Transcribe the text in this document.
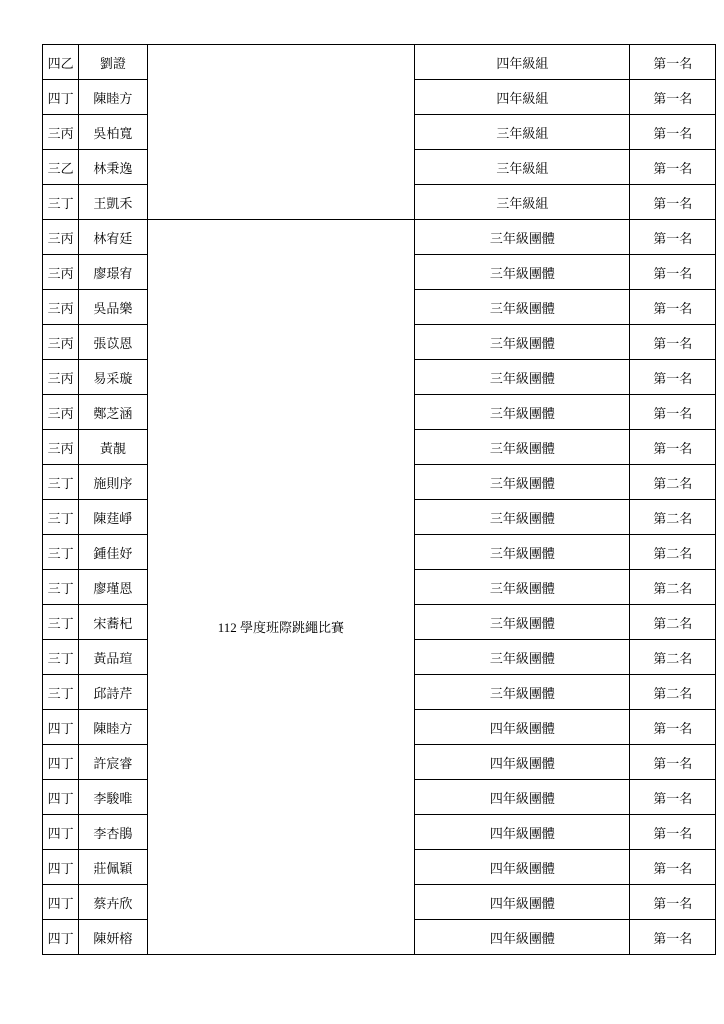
四乙	劉證		四年級組	第一名
四丁	陳睦方		四年級組	第一名
三丙	吳柏寬		三年級組	第一名
三乙	林秉逸		三年級組	第一名
三丁	王凱禾		三年級組	第一名
三丙	林宥廷	112 學度班際跳繩比賽	三年級團體	第一名
三丙	廖璟宥		三年級團體	第一名
三丙	吳品樂		三年級團體	第一名
三丙	張苡恩		三年級團體	第一名
三丙	易采璇		三年級團體	第一名
三丙	鄭芝涵		三年級團體	第一名
三丙	黃靚		三年級團體	第一名
三丁	施則序		三年級團體	第二名
三丁	陳莛崢		三年級團體	第二名
三丁	鍾佳妤		三年級團體	第二名
三丁	廖瑾恩		三年級團體	第二名
三丁	宋蕎杞		三年級團體	第二名
三丁	黃品瑄		三年級團體	第二名
三丁	邱詩芹		三年級團體	第二名
四丁	陳睦方		四年級團體	第一名
四丁	許宸睿		四年級團體	第一名
四丁	李駿唯		四年級團體	第一名
四丁	李杏鵑		四年級團體	第一名
四丁	莊佩穎		四年級團體	第一名
四丁	蔡卉欣		四年級團體	第一名
四丁	陳妍榕		四年級團體	第一名
